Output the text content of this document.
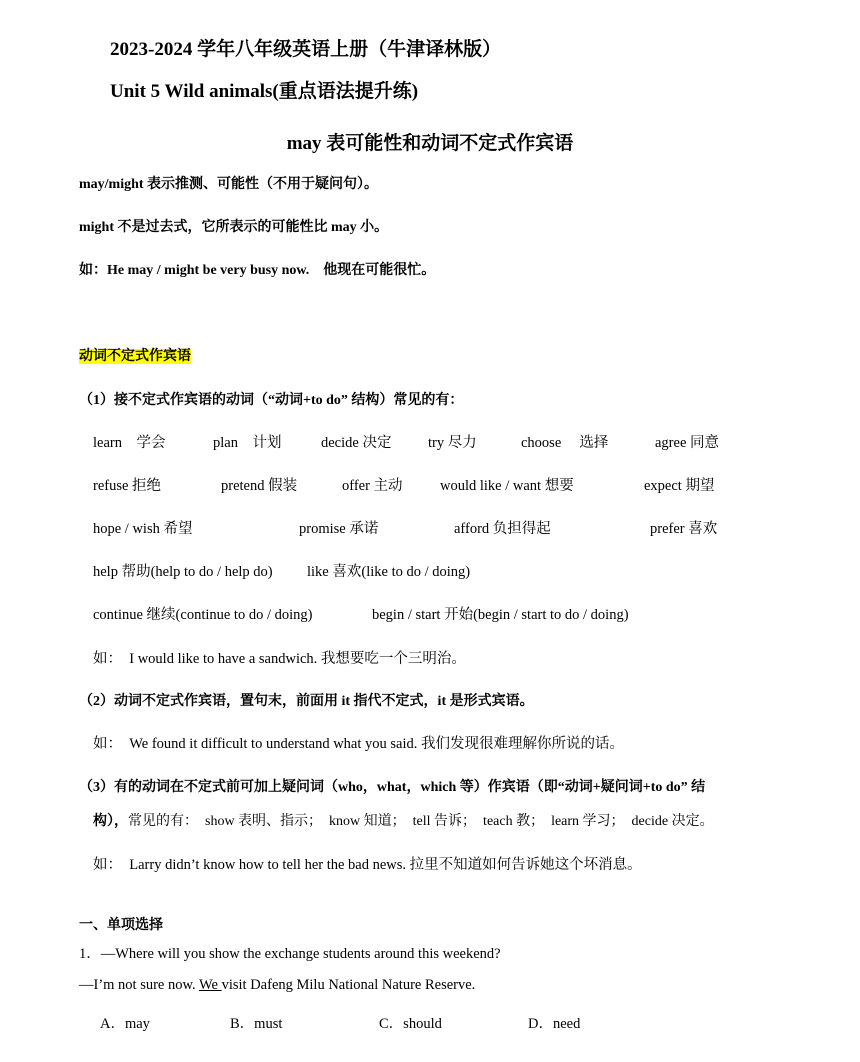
2023-2024 学年八年级英语上册（牛津译林版）
Unit 5 Wild animals(重点语法提升练)
may 表可能性和动词不定式作宾语
may/might 表示推测、可能性（不用于疑问句）。
might 不是过去式，它所表示的可能性比 may 小。
如：He may / might be very busy now.　他现在可能很忙。
动词不定式作宾语
（1）接不定式作宾语的动词（“动词+to do” 结构）常见的有：
learn　学会	plan　计划	decide 决定	try 尽力	choose　 选择	agree 同意
refuse 拒绝	pretend 假装	offer 主动	would like / want 想要	expect 期望
hope / wish 希望	promise 承诺	afford 负担得起	prefer 喜欢
help 帮助(help to do / help do) like 喜欢(like to do / doing)
continue 继续(continue to do / doing)	begin / start 开始(begin / start to do / doing)
如：　I would like to have a sandwich. 我想要吃一个三明治。
（2）动词不定式作宾语，置句末，前面用 it 指代不定式，it 是形式宾语。
如：　We found it difficult to understand what you said. 我们发现很难理解你所说的话。
（3）有的动词在不定式前可加上疑问词（who，what，which 等）作宾语（即“动词+疑问词+to do” 结
构），常见的有：　show 表明、指示；　know 知道；　tell 告诉；　teach 教；　learn 学习；　decide 决定。
如：　Larry didn’t know how to tell her the bad news. 拉里不知道如何告诉她这个坏消息。
一、单项选择
1．—Where will you show the exchange students around this weekend?
—I’m not sure now. We visit Dafeng Milu National Nature Reserve.
A．may	B．must	C．should	D．need
